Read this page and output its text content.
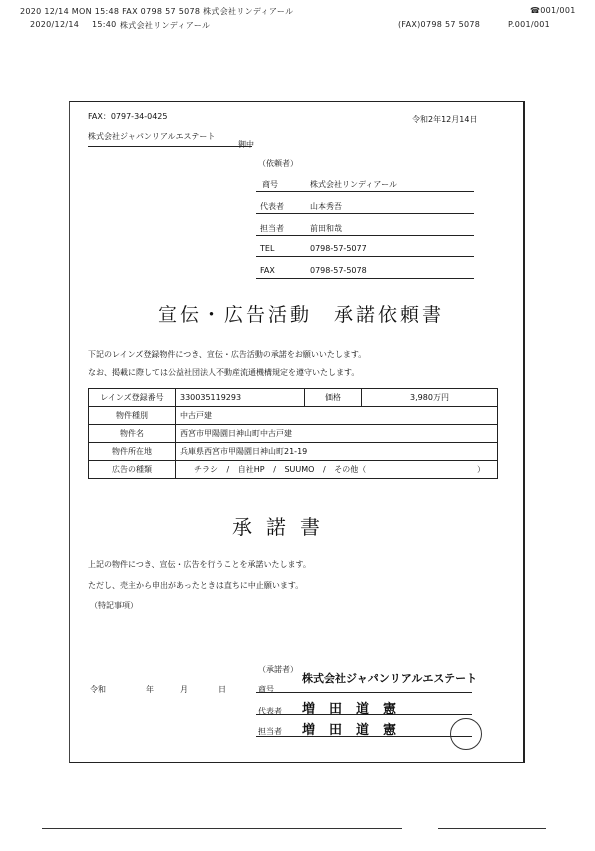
2020 12/14 MON 15:48 FAX 0798 57 5078 株式会社リンディアール	☎001/001
2020/12/14 15:40 株式会社リンディアール	(FAX)0798 57 5078	P.001/001
FAX：0797-34-0425
株式会社ジャパンリアルエステート
御中
令和2年12月14日
（依頼者）
商号	株式会社リンディアール
代表者	山本秀吾
担当者	前田和哉
TEL	0798-57-5077
FAX	0798-57-5078
宣伝・広告活動　承諾依頼書
下記のレインズ登録物件につき、宣伝・広告活動の承諾をお願いいたします。
なお、掲載に際しては公益社団法人不動産流通機構規定を遵守いたします。
レインズ登録番号	330035119293	価格	3,980万円
物件種別	中古戸建		
物件名	西宮市甲陽園日神山町中古戸建		
物件所在地	兵庫県西宮市甲陽園日神山町21-19		
広告の種類	チラシ / 自社HP / SUUMO / その他（ ）		
承諾書
上記の物件につき、宣伝・広告を行うことを承諾いたします。
ただし、売主から申出があったときは直ちに中止願います。
（特記事項）
（承諾者）
令和	年	月	日	商号
株式会社ジャパンリアルエステート
代表者 増田道憲
担当者 増田道憲
